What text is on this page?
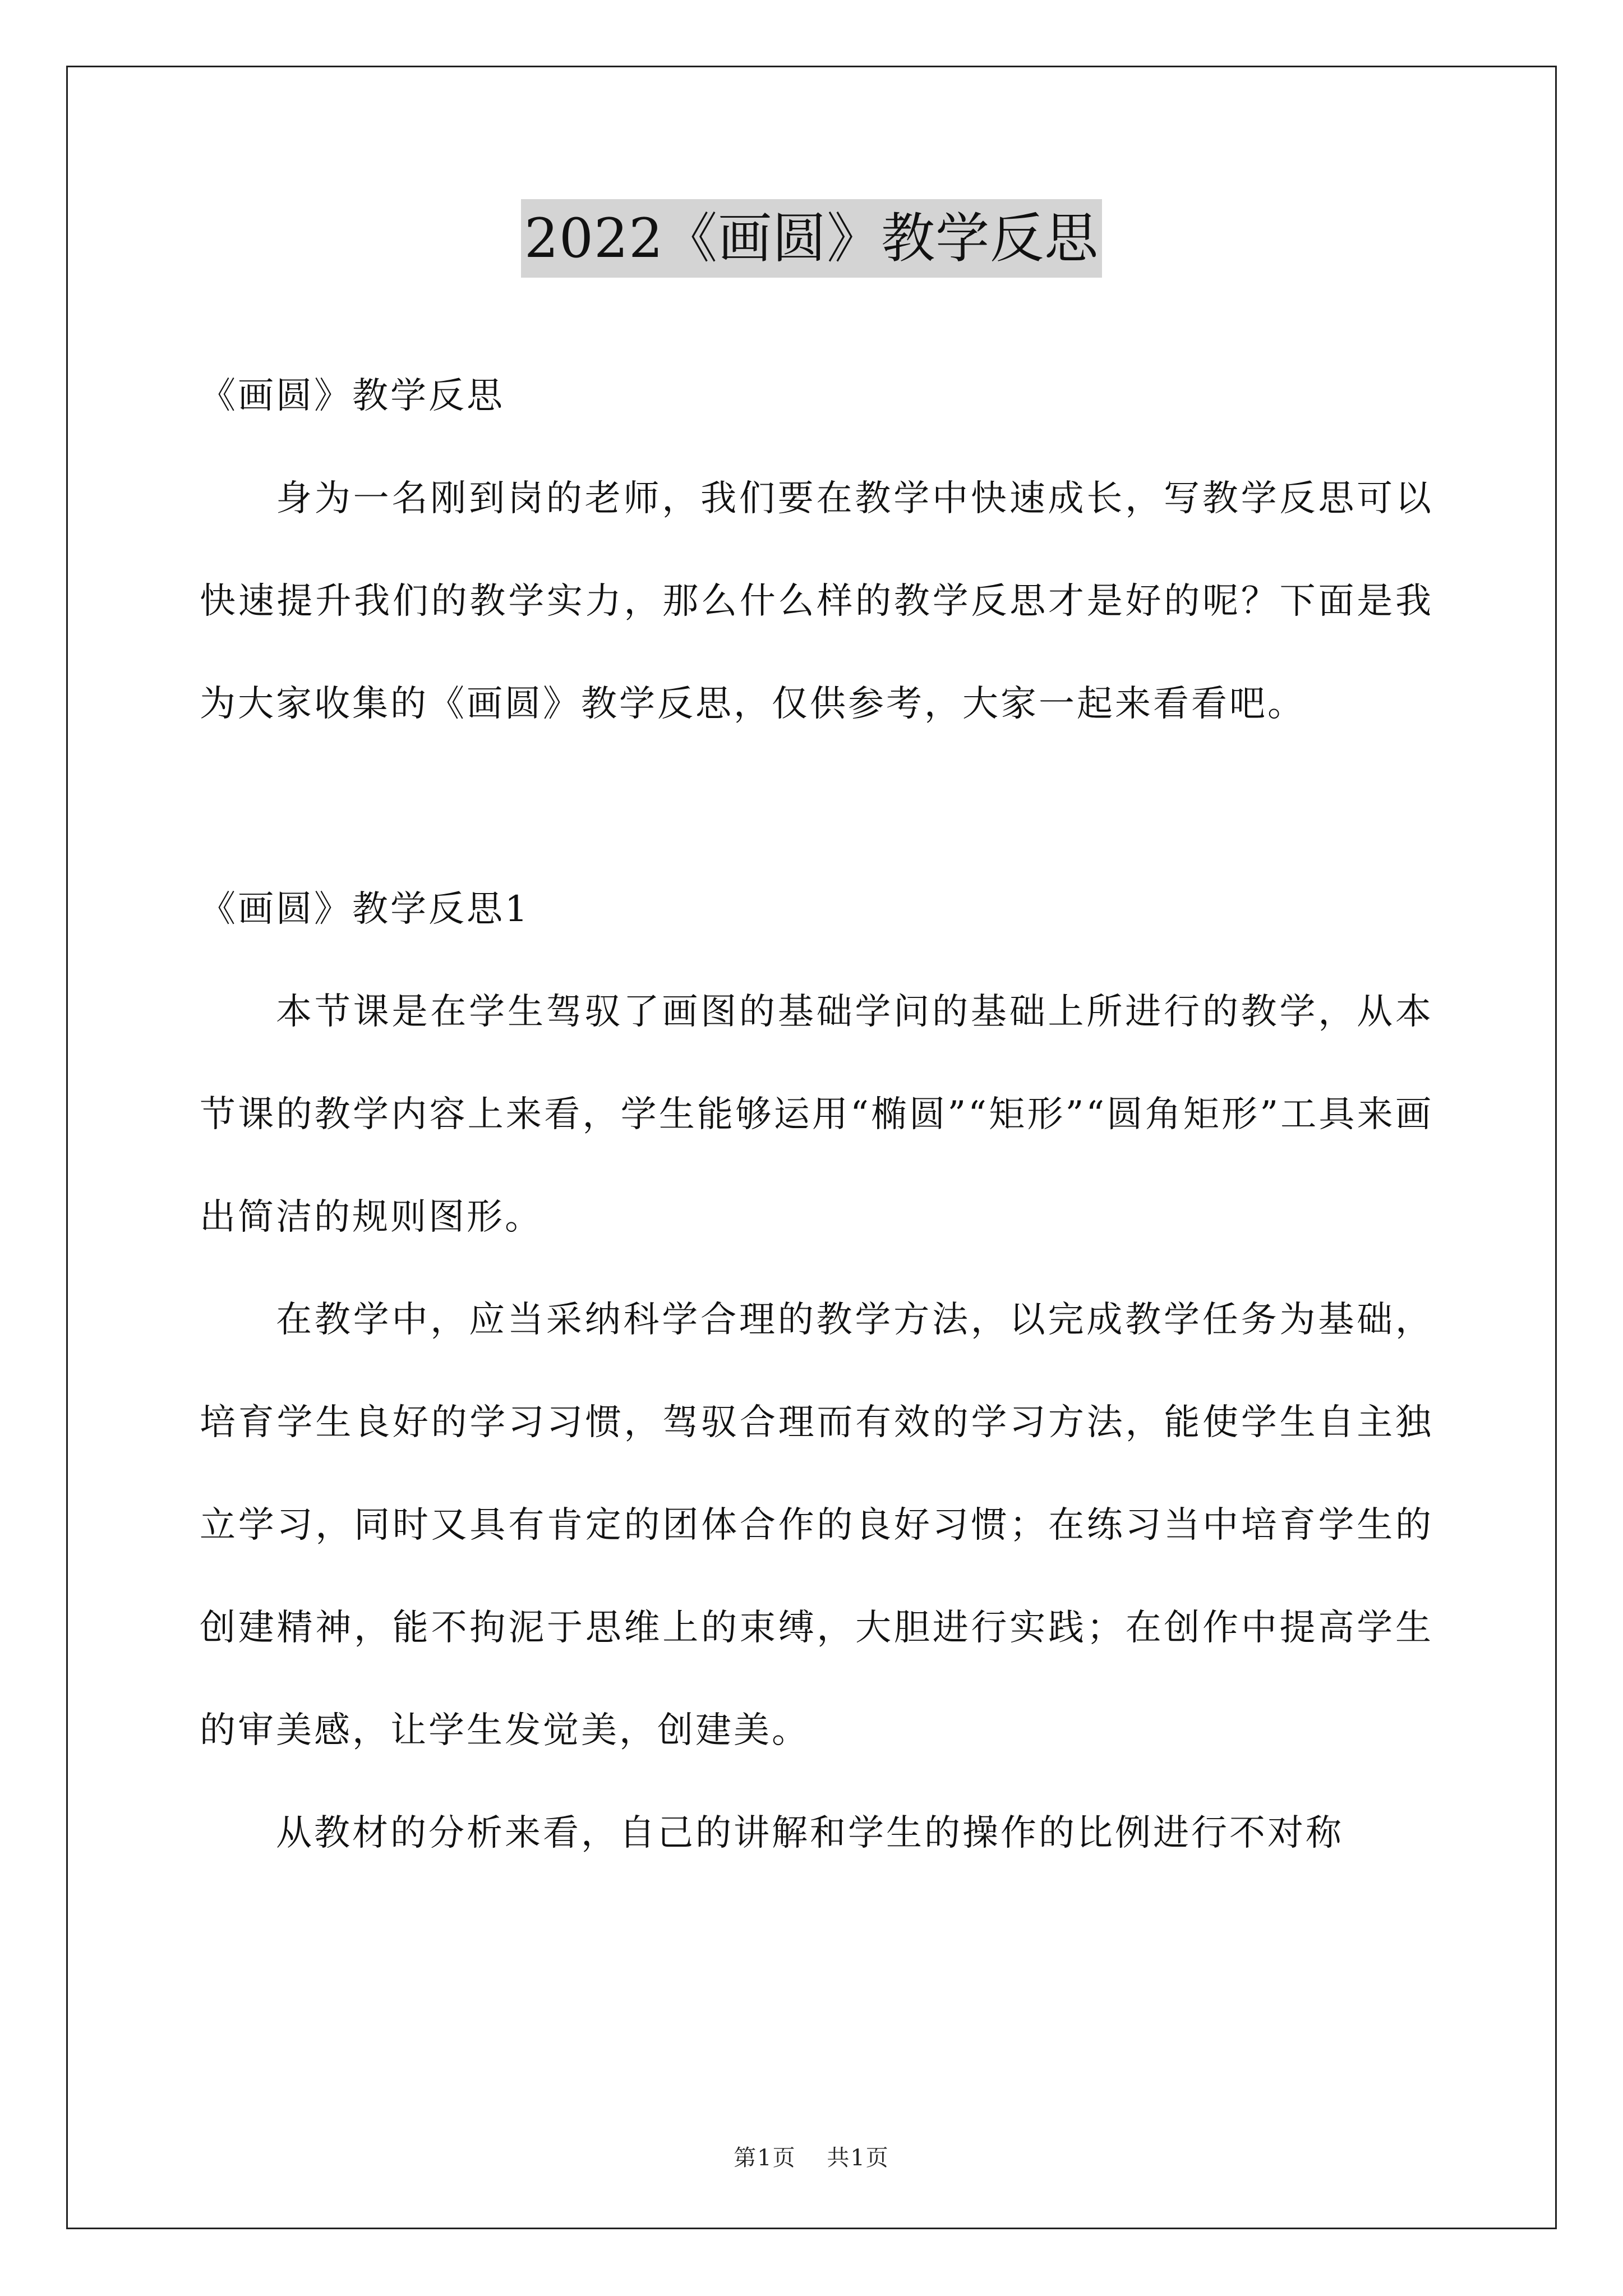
2022《画圆》教学反思

《画圆》教学反思

身为一名刚到岗的老师，我们要在教学中快速成长，写教学反思可以快速提升我们的教学实力，那么什么样的教学反思才是好的呢？下面是我为大家收集的《画圆》教学反思，仅供参考，大家一起来看看吧。

《画圆》教学反思1

本节课是在学生驾驭了画图的基础学问的基础上所进行的教学，从本节课的教学内容上来看，学生能够运用“椭圆”“矩形”“圆角矩形”工具来画出简洁的规则图形。

在教学中，应当采纳科学合理的教学方法，以完成教学任务为基础，培育学生良好的学习习惯，驾驭合理而有效的学习方法，能使学生自主独立学习，同时又具有肯定的团体合作的良好习惯；在练习当中培育学生的创建精神，能不拘泥于思维上的束缚，大胆进行实践；在创作中提高学生的审美感，让学生发觉美，创建美。

从教材的分析来看，自己的讲解和学生的操作的比例进行不对称

第1页 共1页
